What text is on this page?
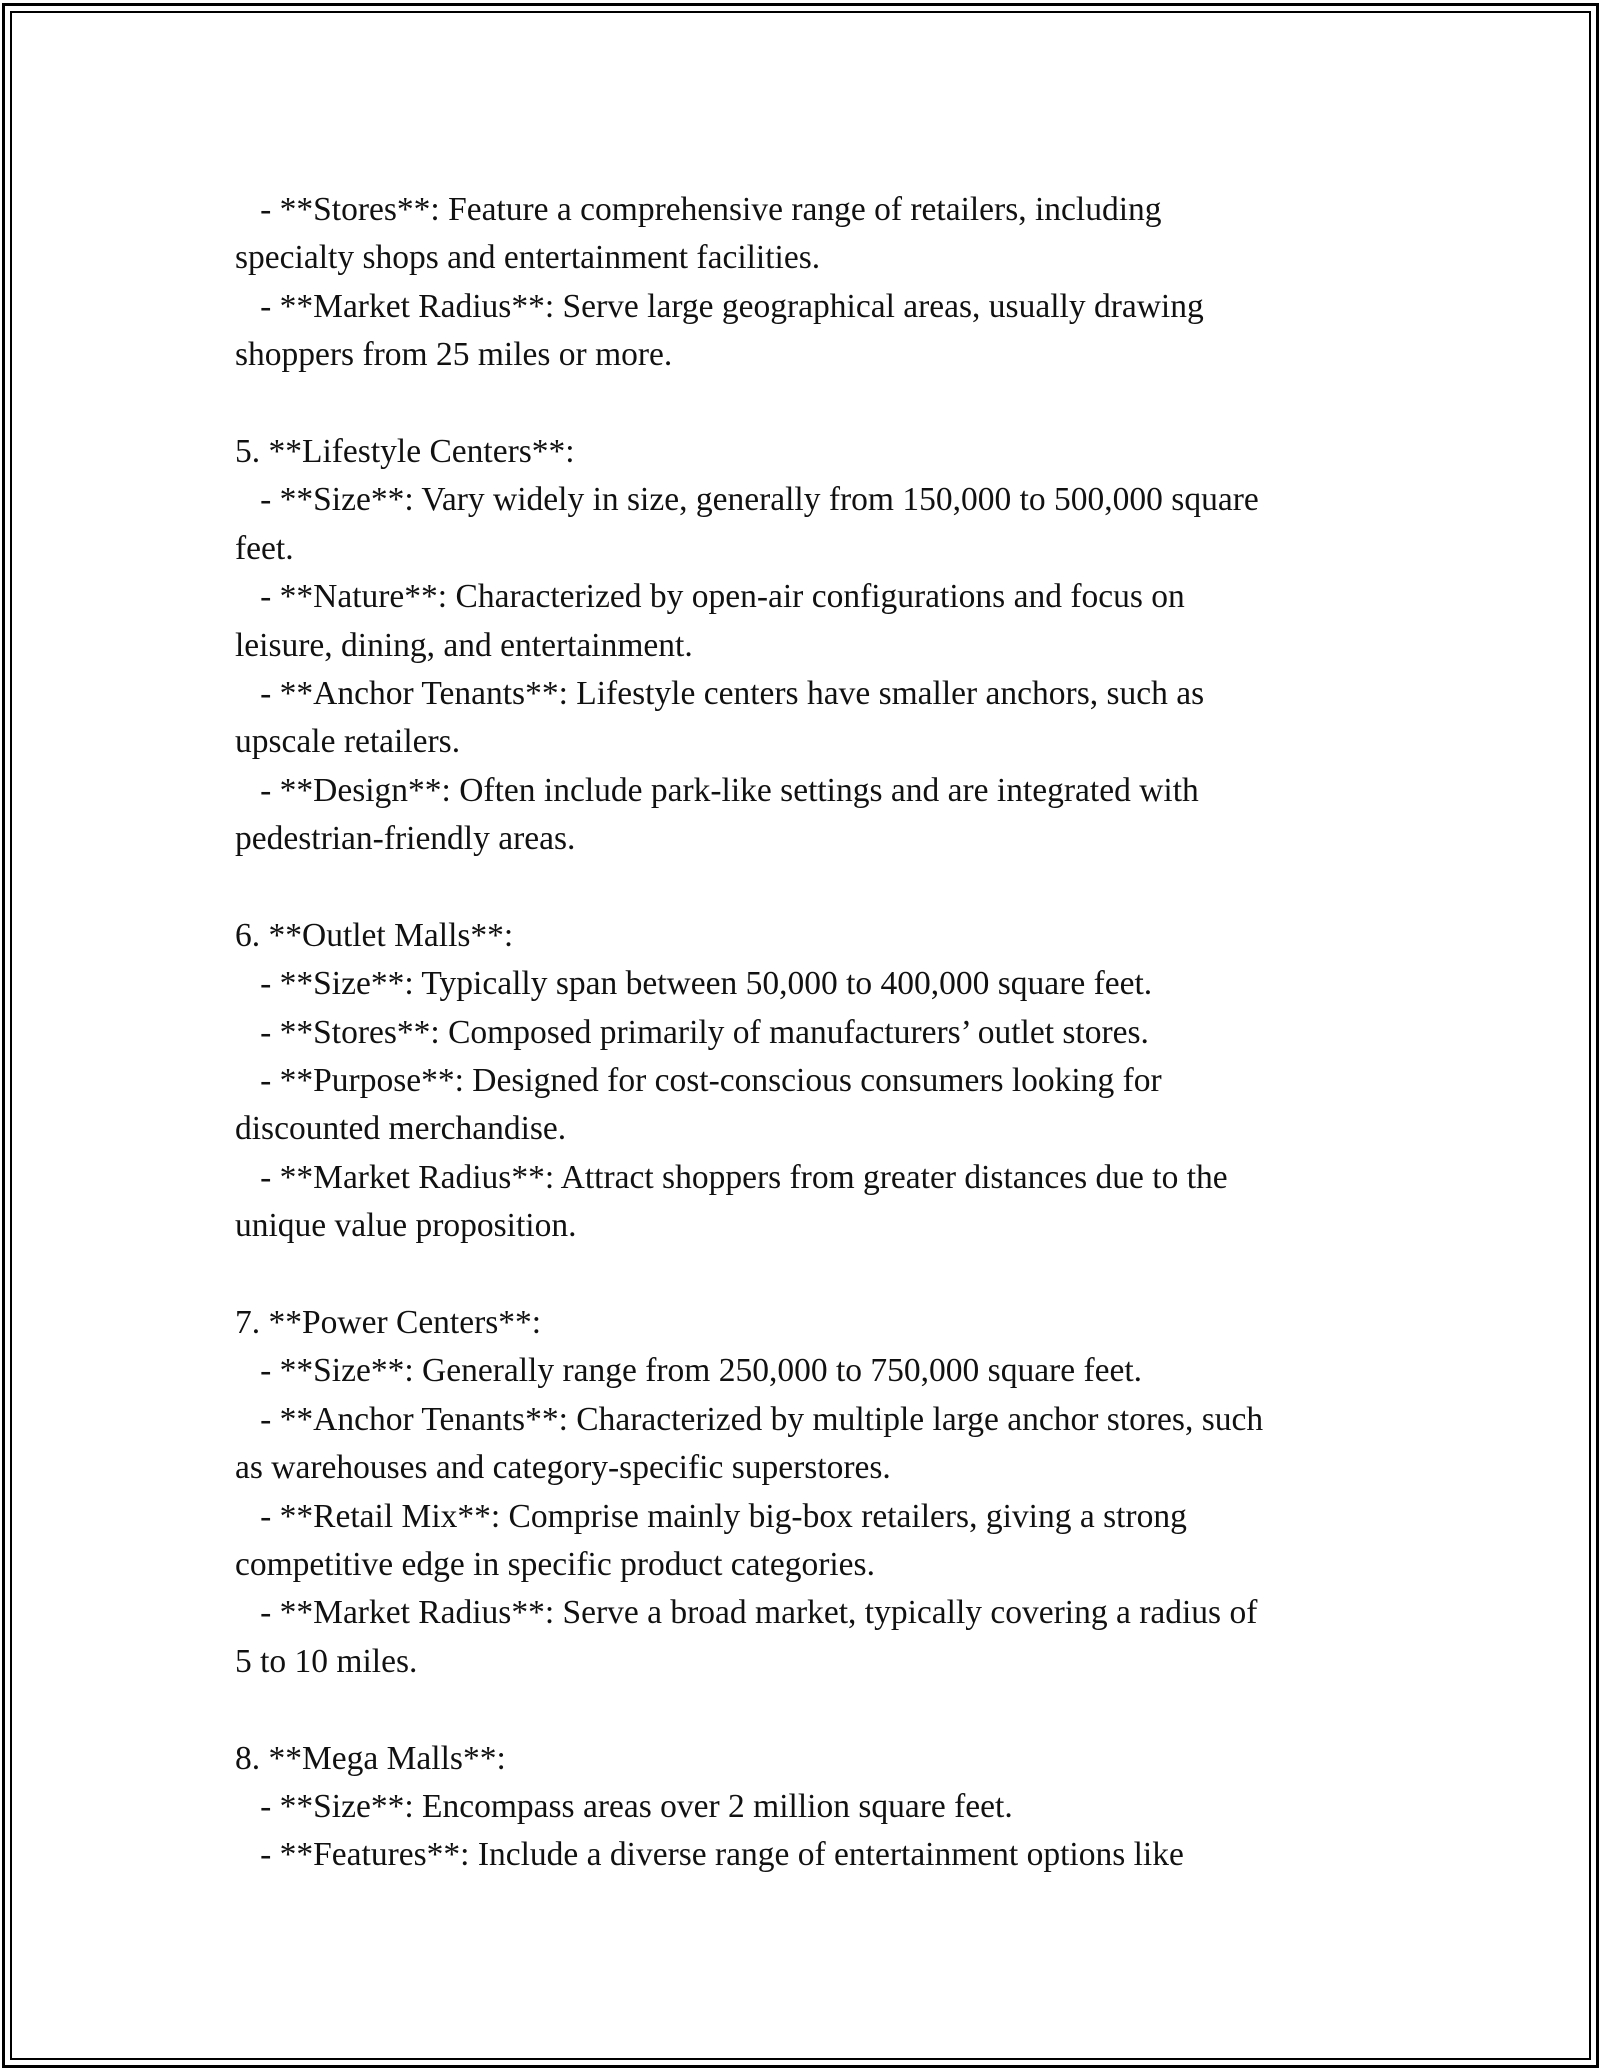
- **Stores**: Feature a comprehensive range of retailers, including
specialty shops and entertainment facilities.
- **Market Radius**: Serve large geographical areas, usually drawing
shoppers from 25 miles or more.
5. **Lifestyle Centers**:
- **Size**: Vary widely in size, generally from 150,000 to 500,000 square
feet.
- **Nature**: Characterized by open-air configurations and focus on
leisure, dining, and entertainment.
- **Anchor Tenants**: Lifestyle centers have smaller anchors, such as
upscale retailers.
- **Design**: Often include park-like settings and are integrated with
pedestrian-friendly areas.
6. **Outlet Malls**:
- **Size**: Typically span between 50,000 to 400,000 square feet.
- **Stores**: Composed primarily of manufacturers’ outlet stores.
- **Purpose**: Designed for cost-conscious consumers looking for
discounted merchandise.
- **Market Radius**: Attract shoppers from greater distances due to the
unique value proposition.
7. **Power Centers**:
- **Size**: Generally range from 250,000 to 750,000 square feet.
- **Anchor Tenants**: Characterized by multiple large anchor stores, such
as warehouses and category-specific superstores.
- **Retail Mix**: Comprise mainly big-box retailers, giving a strong
competitive edge in specific product categories.
- **Market Radius**: Serve a broad market, typically covering a radius of
5 to 10 miles.
8. **Mega Malls**:
- **Size**: Encompass areas over 2 million square feet.
- **Features**: Include a diverse range of entertainment options like
